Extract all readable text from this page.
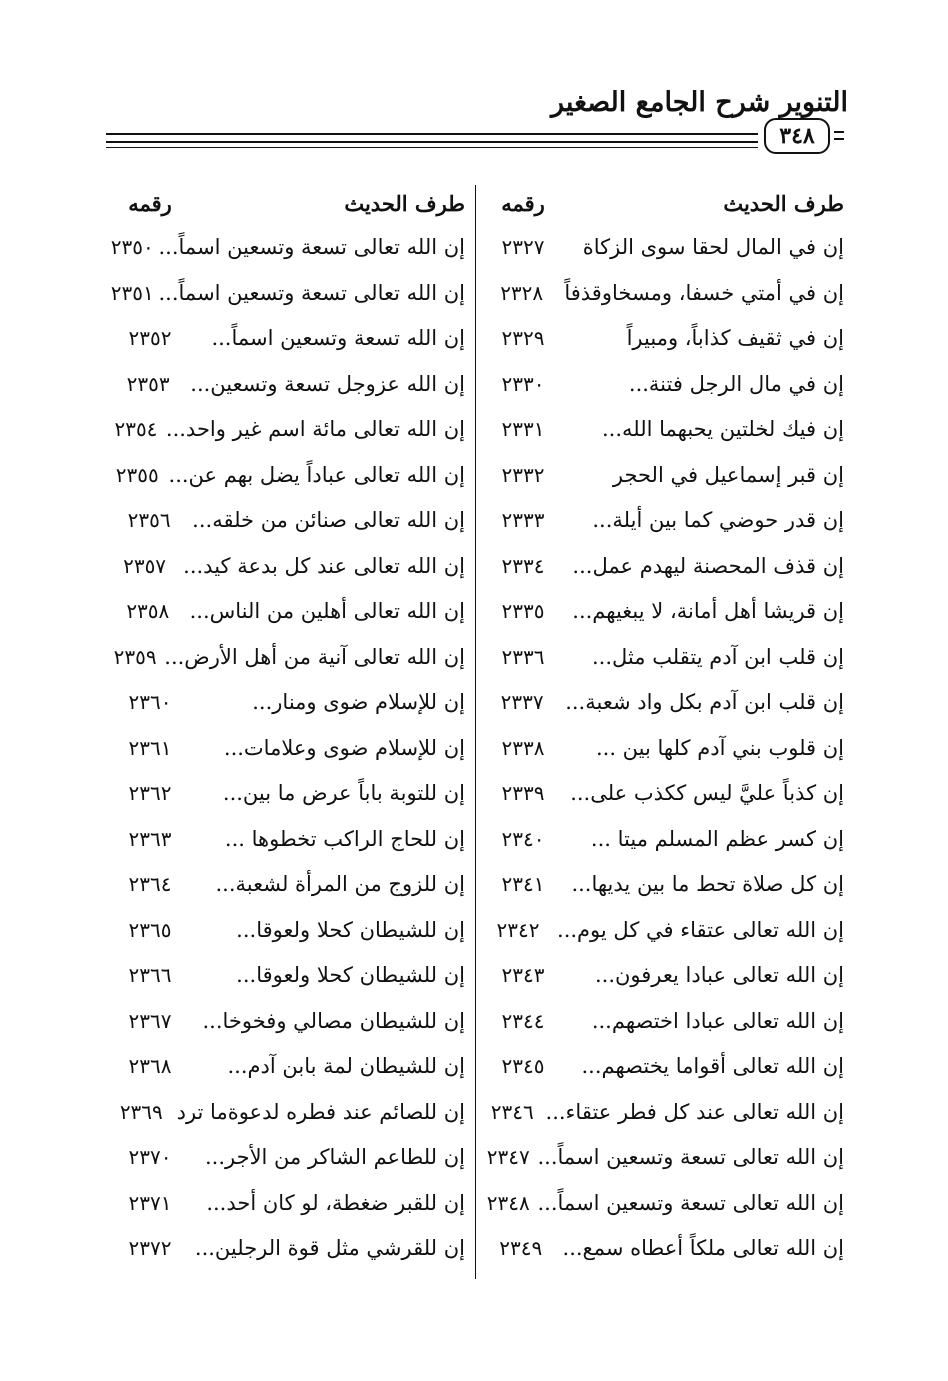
التنوير شرح الجامع الصغير
٣٤٨
طرف الحديث
رقمه
إن في المال لحقا سوى الزكاة
٢٣٢٧
إن في أمتي خسفا، ومسخاوقذفاً
٢٣٢٨
إن في ثقيف كذاباً، ومبيراً
٢٣٢٩
إن في مال الرجل فتنة...
٢٣٣٠
إن فيك لخلتين يحبهما الله...
٢٣٣١
إن قبر إسماعيل في الحجر
٢٣٣٢
إن قدر حوضي كما بين أيلة...
٢٣٣٣
إن قذف المحصنة ليهدم عمل...
٢٣٣٤
إن قريشا أهل أمانة، لا يبغيهم...
٢٣٣٥
إن قلب ابن آدم يتقلب مثل...
٢٣٣٦
إن قلب ابن آدم بكل واد شعبة...
٢٣٣٧
إن قلوب بني آدم كلها بين ...
٢٣٣٨
إن كذباً عليَّ ليس ككذب على...
٢٣٣٩
إن كسر عظم المسلم ميتا ...
٢٣٤٠
إن كل صلاة تحط ما بين يديها...
٢٣٤١
إن الله تعالى عتقاء في كل يوم...
٢٣٤٢
إن الله تعالى عبادا يعرفون...
٢٣٤٣
إن الله تعالى عبادا اختصهم...
٢٣٤٤
إن الله تعالى أقواما يختصهم...
٢٣٤٥
إن الله تعالى عند كل فطر عتقاء...
٢٣٤٦
إن الله تعالى تسعة وتسعين اسماً...
٢٣٤٧
إن الله تعالى تسعة وتسعين اسماً...
٢٣٤٨
إن الله تعالى ملكاً أعطاه سمع...
٢٣٤٩
طرف الحديث
رقمه
إن الله تعالى تسعة وتسعين اسماً...
٢٣٥٠
إن الله تعالى تسعة وتسعين اسماً...
٢٣٥١
إن الله تسعة وتسعين اسماً...
٢٣٥٢
إن الله عزوجل تسعة وتسعين...
٢٣٥٣
إن الله تعالى مائة اسم غير واحد...
٢٣٥٤
إن الله تعالى عباداً يضل بهم عن...
٢٣٥٥
إن الله تعالى صنائن من خلقه...
٢٣٥٦
إن الله تعالى عند كل بدعة كيد...
٢٣٥٧
إن الله تعالى أهلين من الناس...
٢٣٥٨
إن الله تعالى آنية من أهل الأرض...
٢٣٥٩
إن للإسلام ضوى ومنار...
٢٣٦٠
إن للإسلام ضوى وعلامات...
٢٣٦١
إن للتوبة باباً عرض ما بين...
٢٣٦٢
إن للحاج الراكب تخطوها ...
٢٣٦٣
إن للزوج من المرأة لشعبة...
٢٣٦٤
إن للشيطان كحلا ولعوقا...
٢٣٦٥
إن للشيطان كحلا ولعوقا...
٢٣٦٦
إن للشيطان مصالي وفخوخا...
٢٣٦٧
إن للشيطان لمة بابن آدم...
٢٣٦٨
إن للصائم عند فطره لدعوةما ترد
٢٣٦٩
إن للطاعم الشاكر من الأجر...
٢٣٧٠
إن للقبر ضغطة، لو كان أحد...
٢٣٧١
إن للقرشي مثل قوة الرجلين...
٢٣٧٢
